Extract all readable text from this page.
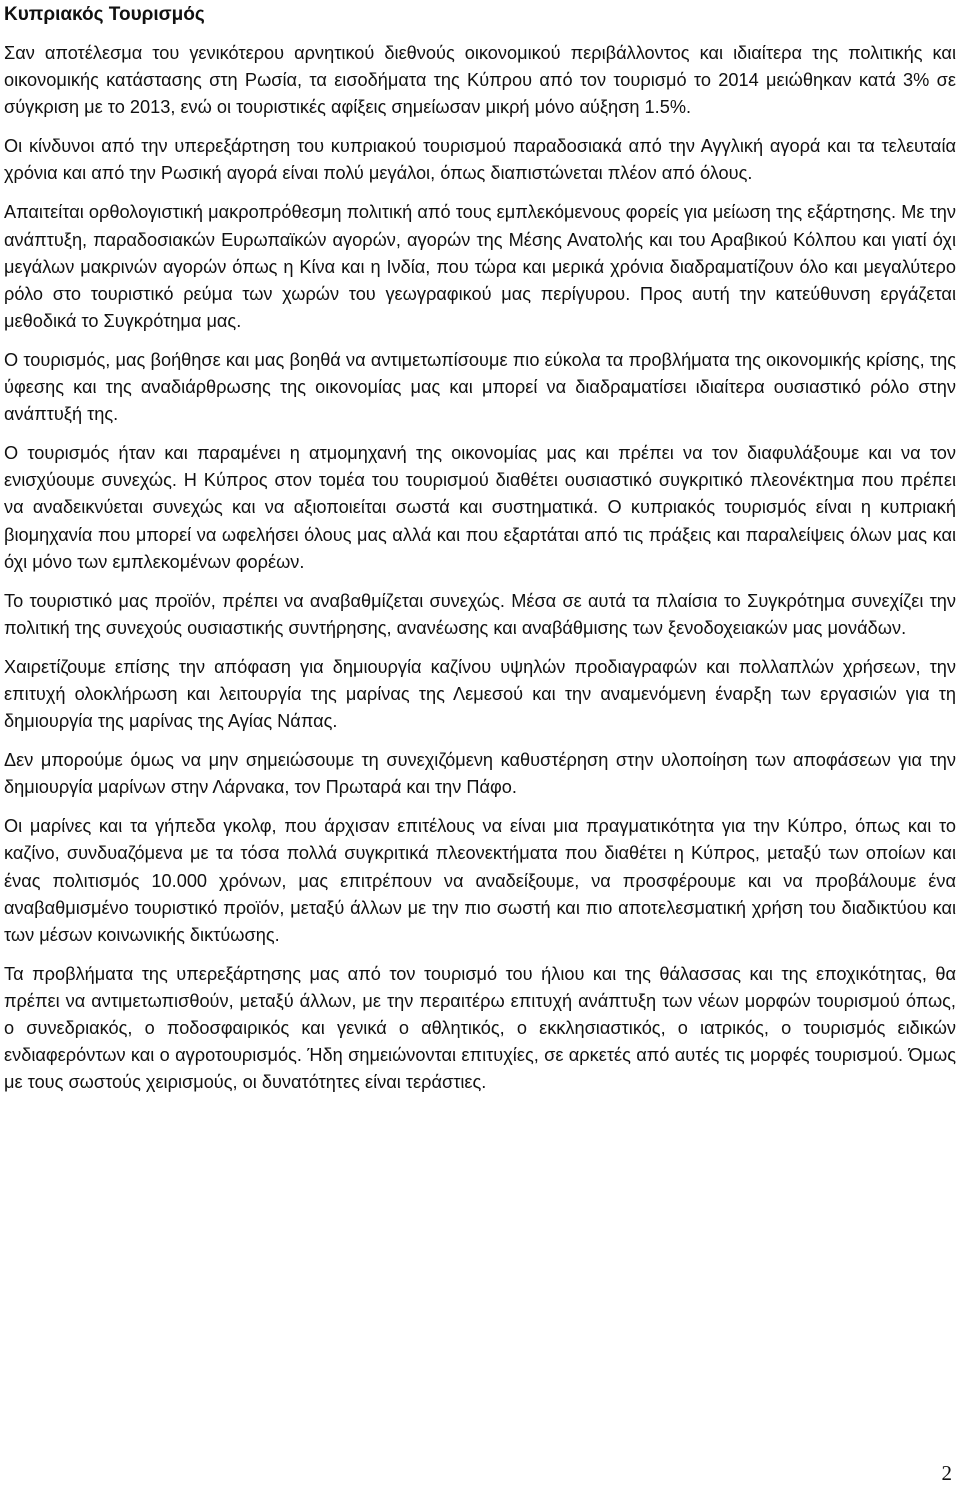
Κυπριακός Τουρισμός

Σαν αποτέλεσμα του γενικότερου αρνητικού διεθνούς οικονομικού περιβάλλοντος και ιδιαίτερα της πολιτικής και οικονομικής κατάστασης στη Ρωσία, τα εισοδήματα της Κύπρου από τον τουρισμό το 2014 μειώθηκαν κατά 3% σε σύγκριση με το 2013, ενώ οι τουριστικές αφίξεις σημείωσαν μικρή μόνο αύξηση 1.5%.

Οι κίνδυνοι από την υπερεξάρτηση του κυπριακού τουρισμού παραδοσιακά από την Αγγλική αγορά και τα τελευταία χρόνια και από την Ρωσική αγορά είναι πολύ μεγάλοι, όπως διαπιστώνεται πλέον από όλους.

Απαιτείται ορθολογιστική μακροπρόθεσμη πολιτική από τους εμπλεκόμενους φορείς για μείωση της εξάρτησης. Με την ανάπτυξη, παραδοσιακών Ευρωπαϊκών αγορών, αγορών της Μέσης Ανατολής και του Αραβικού Κόλπου και γιατί όχι μεγάλων μακρινών αγορών όπως η Κίνα και η Ινδία, που τώρα και μερικά χρόνια διαδραματίζουν όλο και μεγαλύτερο ρόλο στο τουριστικό ρεύμα των χωρών του γεωγραφικού μας περίγυρου. Προς αυτή την κατεύθυνση εργάζεται μεθοδικά το Συγκρότημα μας.

Ο τουρισμός, μας βοήθησε και μας βοηθά να αντιμετωπίσουμε πιο εύκολα τα προβλήματα της οικονομικής κρίσης, της ύφεσης και της αναδιάρθρωσης της οικονομίας μας και μπορεί να διαδραματίσει ιδιαίτερα ουσιαστικό ρόλο στην ανάπτυξή της.

Ο τουρισμός ήταν και παραμένει η ατμομηχανή της οικονομίας μας και πρέπει να τον διαφυλάξουμε και να τον ενισχύουμε συνεχώς. Η Κύπρος στον τομέα του τουρισμού διαθέτει ουσιαστικό συγκριτικό πλεονέκτημα που πρέπει να αναδεικνύεται συνεχώς και να αξιοποιείται σωστά και συστηματικά. Ο κυπριακός τουρισμός είναι η κυπριακή βιομηχανία που μπορεί να ωφελήσει όλους μας αλλά και που εξαρτάται από τις πράξεις και παραλείψεις όλων μας και όχι μόνο των εμπλεκομένων φορέων.

Το τουριστικό μας προϊόν, πρέπει να αναβαθμίζεται συνεχώς. Μέσα σε αυτά τα πλαίσια το Συγκρότημα συνεχίζει την πολιτική της συνεχούς ουσιαστικής συντήρησης, ανανέωσης και αναβάθμισης των ξενοδοχειακών μας μονάδων.

Χαιρετίζουμε επίσης την απόφαση για δημιουργία καζίνου υψηλών προδιαγραφών και πολλαπλών χρήσεων, την επιτυχή ολοκλήρωση και λειτουργία της μαρίνας της Λεμεσού και την αναμενόμενη έναρξη των εργασιών για τη δημιουργία της μαρίνας της Αγίας Νάπας.

Δεν μπορούμε όμως να μην σημειώσουμε τη συνεχιζόμενη καθυστέρηση στην υλοποίηση των αποφάσεων για την δημιουργία μαρίνων στην Λάρνακα, τον Πρωταρά και την Πάφο.

Οι μαρίνες και τα γήπεδα γκολφ, που άρχισαν επιτέλους να είναι μια πραγματικότητα για την Κύπρο, όπως και το καζίνο, συνδυαζόμενα με τα τόσα πολλά συγκριτικά πλεονεκτήματα που διαθέτει η Κύπρος, μεταξύ των οποίων και ένας πολιτισμός 10.000 χρόνων, μας επιτρέπουν να αναδείξουμε, να προσφέρουμε και να προβάλουμε ένα αναβαθμισμένο τουριστικό προϊόν, μεταξύ άλλων με την πιο σωστή και πιο αποτελεσματική χρήση του διαδικτύου και των μέσων κοινωνικής δικτύωσης.

Τα προβλήματα της υπερεξάρτησης μας από τον τουρισμό του ήλιου και της θάλασσας και της εποχικότητας, θα πρέπει να αντιμετωπισθούν, μεταξύ άλλων, με την περαιτέρω επιτυχή ανάπτυξη των νέων μορφών τουρισμού όπως, ο συνεδριακός, ο ποδοσφαιρικός και γενικά ο αθλητικός, ο εκκλησιαστικός, ο ιατρικός, ο τουρισμός ειδικών ενδιαφερόντων και ο αγροτουρισμός. Ήδη σημειώνονται επιτυχίες, σε αρκετές από αυτές τις μορφές τουρισμού. Όμως με τους σωστούς χειρισμούς, οι δυνατότητες είναι τεράστιες.

2
